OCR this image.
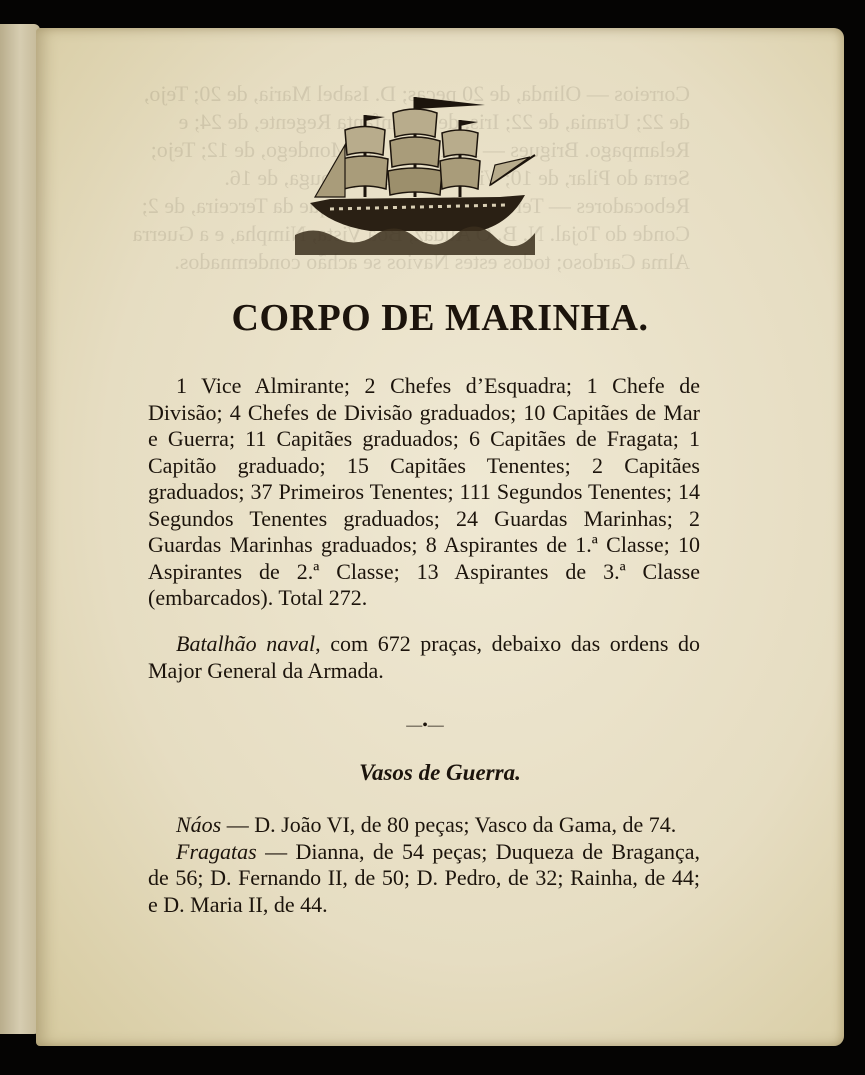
CORPO DE MARINHA.

1 Vice Almirante; 2 Chefes d’Esquadra; 1 Chefe de Divisão; 4 Chefes de Divisão graduados; 10 Capitães de Mar e Guerra; 11 Capitães graduados; 6 Capitães de Fragata; 1 Capitão graduado; 15 Capitães Tenentes; 2 Capitães graduados; 37 Primeiros Tenentes; 111 Segundos Tenentes; 14 Segundos Tenentes graduados; 24 Guardas Marinhas; 2 Guardas Marinhas graduados; 8 Aspirantes de 1.ª Classe; 10 Aspirantes de 2.ª Classe; 13 Aspirantes de 3.ª Classe (embarcados). Total 272.

Batalhão naval, com 672 praças, debaixo das ordens do Major General da Armada.

—•—
Vasos de Guerra.
Náos — D. João VI, de 80 peças; Vasco da Gama, de 74.
Fragatas — Dianna, de 54 peças; Duqueza de Bragança, de 56; D. Fernando II, de 50; D. Pedro, de 32; Rainha, de 44; e D. Maria II, de 44.
